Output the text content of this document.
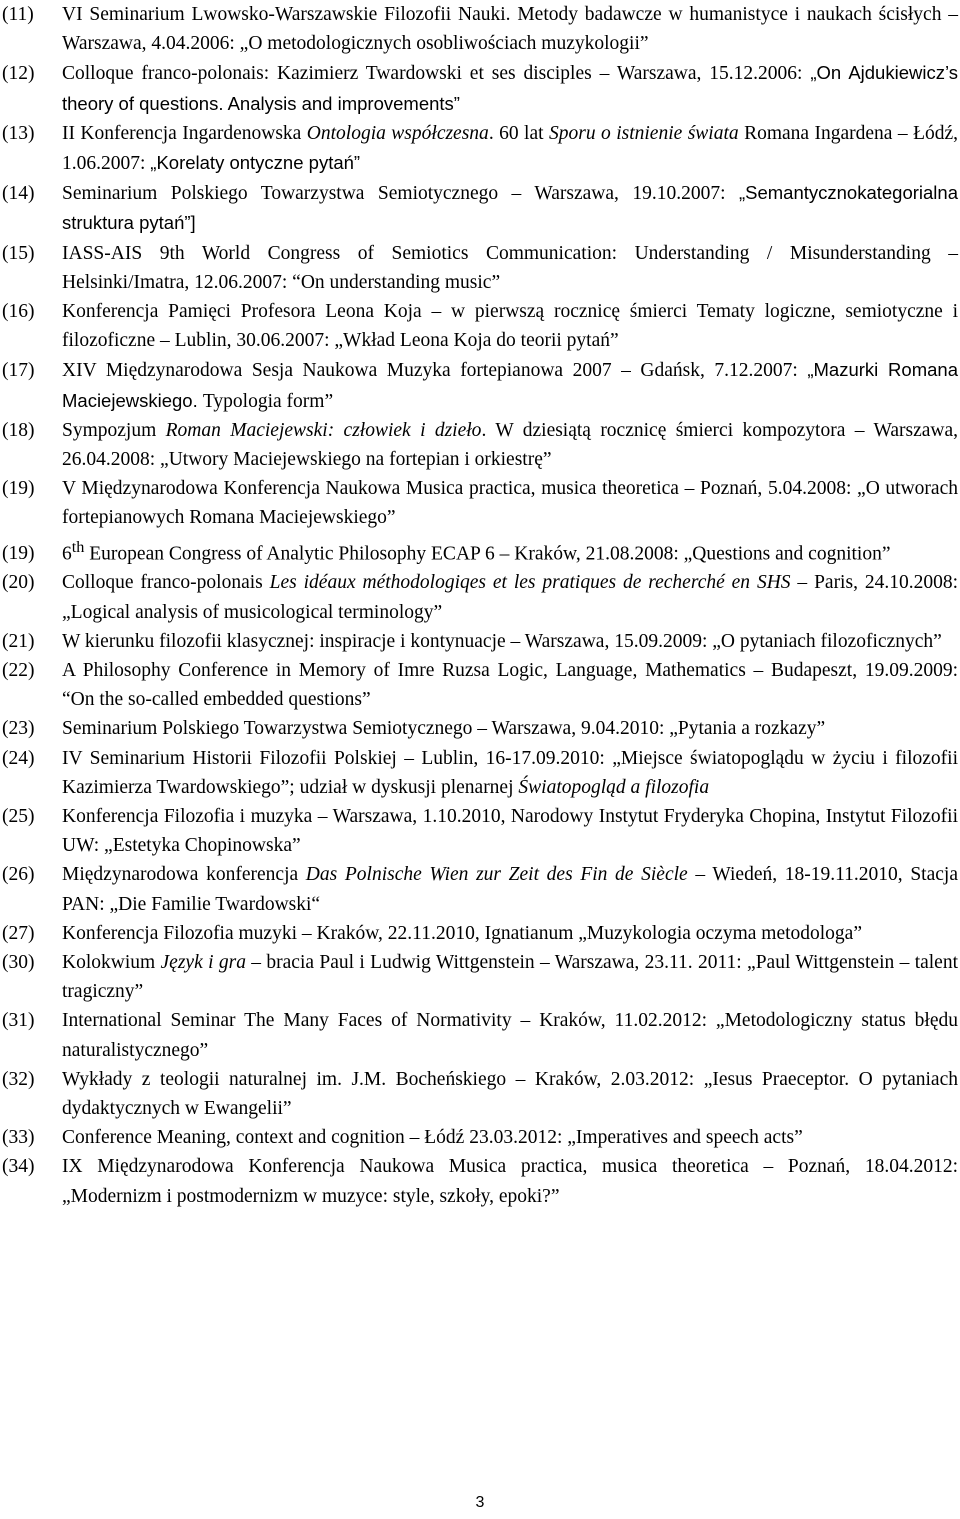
(11) VI Seminarium Lwowsko-Warszawskie Filozofii Nauki. Metody badawcze w humanistyce i naukach ścisłych – Warszawa, 4.04.2006: „O metodologicznych osobliwościach muzykologii”
(12) Colloque franco-polonais: Kazimierz Twardowski et ses disciples – Warszawa, 15.12.2006: „On Ajdukiewicz’s theory of questions. Analysis and improvements”
(13) II Konferencja Ingardenowska Ontologia współczesna. 60 lat Sporu o istnienie świata Romana Ingardena – Łódź, 1.06.2007: „Korelaty ontyczne pytań”
(14) Seminarium Polskiego Towarzystwa Semiotycznego – Warszawa, 19.10.2007: „Semantycznokategorialna struktura pytań”]
(15) IASS-AIS 9th World Congress of Semiotics Communication: Understanding / Misunderstanding – Helsinki/Imatra, 12.06.2007: “On understanding music”
(16) Konferencja Pamięci Profesora Leona Koja – w pierwszą rocznicę śmierci Tematy logiczne, semiotyczne i filozoficzne – Lublin, 30.06.2007: „Wkład Leona Koja do teorii pytań”
(17) XIV Międzynarodowa Sesja Naukowa Muzyka fortepianowa 2007 – Gdańsk, 7.12.2007: „Mazurki Romana Maciejewskiego. Typologia form”
(18) Sympozjum Roman Maciejewski: człowiek i dzieło. W dziesiątą rocznicę śmierci kompozytora – Warszawa, 26.04.2008: „Utwory Maciejewskiego na fortepian i orkiestrę”
(19) V Międzynarodowa Konferencja Naukowa Musica practica, musica theoretica – Poznań, 5.04.2008: „O utworach fortepianowych Romana Maciejewskiego”
(19) 6th European Congress of Analytic Philosophy ECAP 6 – Kraków, 21.08.2008: „Questions and cognition”
(20) Colloque franco-polonais Les idéaux méthodologiqes et les pratiques de recherché en SHS – Paris, 24.10.2008: „Logical analysis of musicological terminology”
(21) W kierunku filozofii klasycznej: inspiracje i kontynuacje – Warszawa, 15.09.2009: „O pytaniach filozoficznych”
(22) A Philosophy Conference in Memory of Imre Ruzsa Logic, Language, Mathematics – Budapeszt, 19.09.2009: “On the so-called embedded questions”
(23) Seminarium Polskiego Towarzystwa Semiotycznego – Warszawa, 9.04.2010: „Pytania a rozkazy”
(24) IV Seminarium Historii Filozofii Polskiej – Lublin, 16-17.09.2010: „Miejsce światopoglądu w życiu i filozofii Kazimierza Twardowskiego”; udział w dyskusji plenarnej Światopogląd a filozofia
(25) Konferencja Filozofia i muzyka – Warszawa, 1.10.2010, Narodowy Instytut Fryderyka Chopina, Instytut Filozofii UW: „Estetyka Chopinowska”
(26) Międzynarodowa konferencja Das Polnische Wien zur Zeit des Fin de Siècle – Wiedeń, 18-19.11.2010, Stacja PAN: „Die Familie Twardowski“
(27) Konferencja Filozofia muzyki – Kraków, 22.11.2010, Ignatianum „Muzykologia oczyma metodologa”
(30) Kolokwium Język i gra – bracia Paul i Ludwig Wittgenstein – Warszawa, 23.11. 2011: „Paul Wittgenstein – talent tragiczny”
(31) International Seminar The Many Faces of Normativity – Kraków, 11.02.2012: „Metodologiczny status błędu naturalistycznego”
(32) Wykłady z teologii naturalnej im. J.M. Bocheńskiego – Kraków, 2.03.2012: „Iesus Praeceptor. O pytaniach dydaktycznych w Ewangelii”
(33) Conference Meaning, context and cognition – Łódź 23.03.2012: „Imperatives and speech acts”
(34) IX Międzynarodowa Konferencja Naukowa Musica practica, musica theoretica – Poznań, 18.04.2012: „Modernizm i postmodernizm w muzyce: style, szkoły, epoki?”
3
